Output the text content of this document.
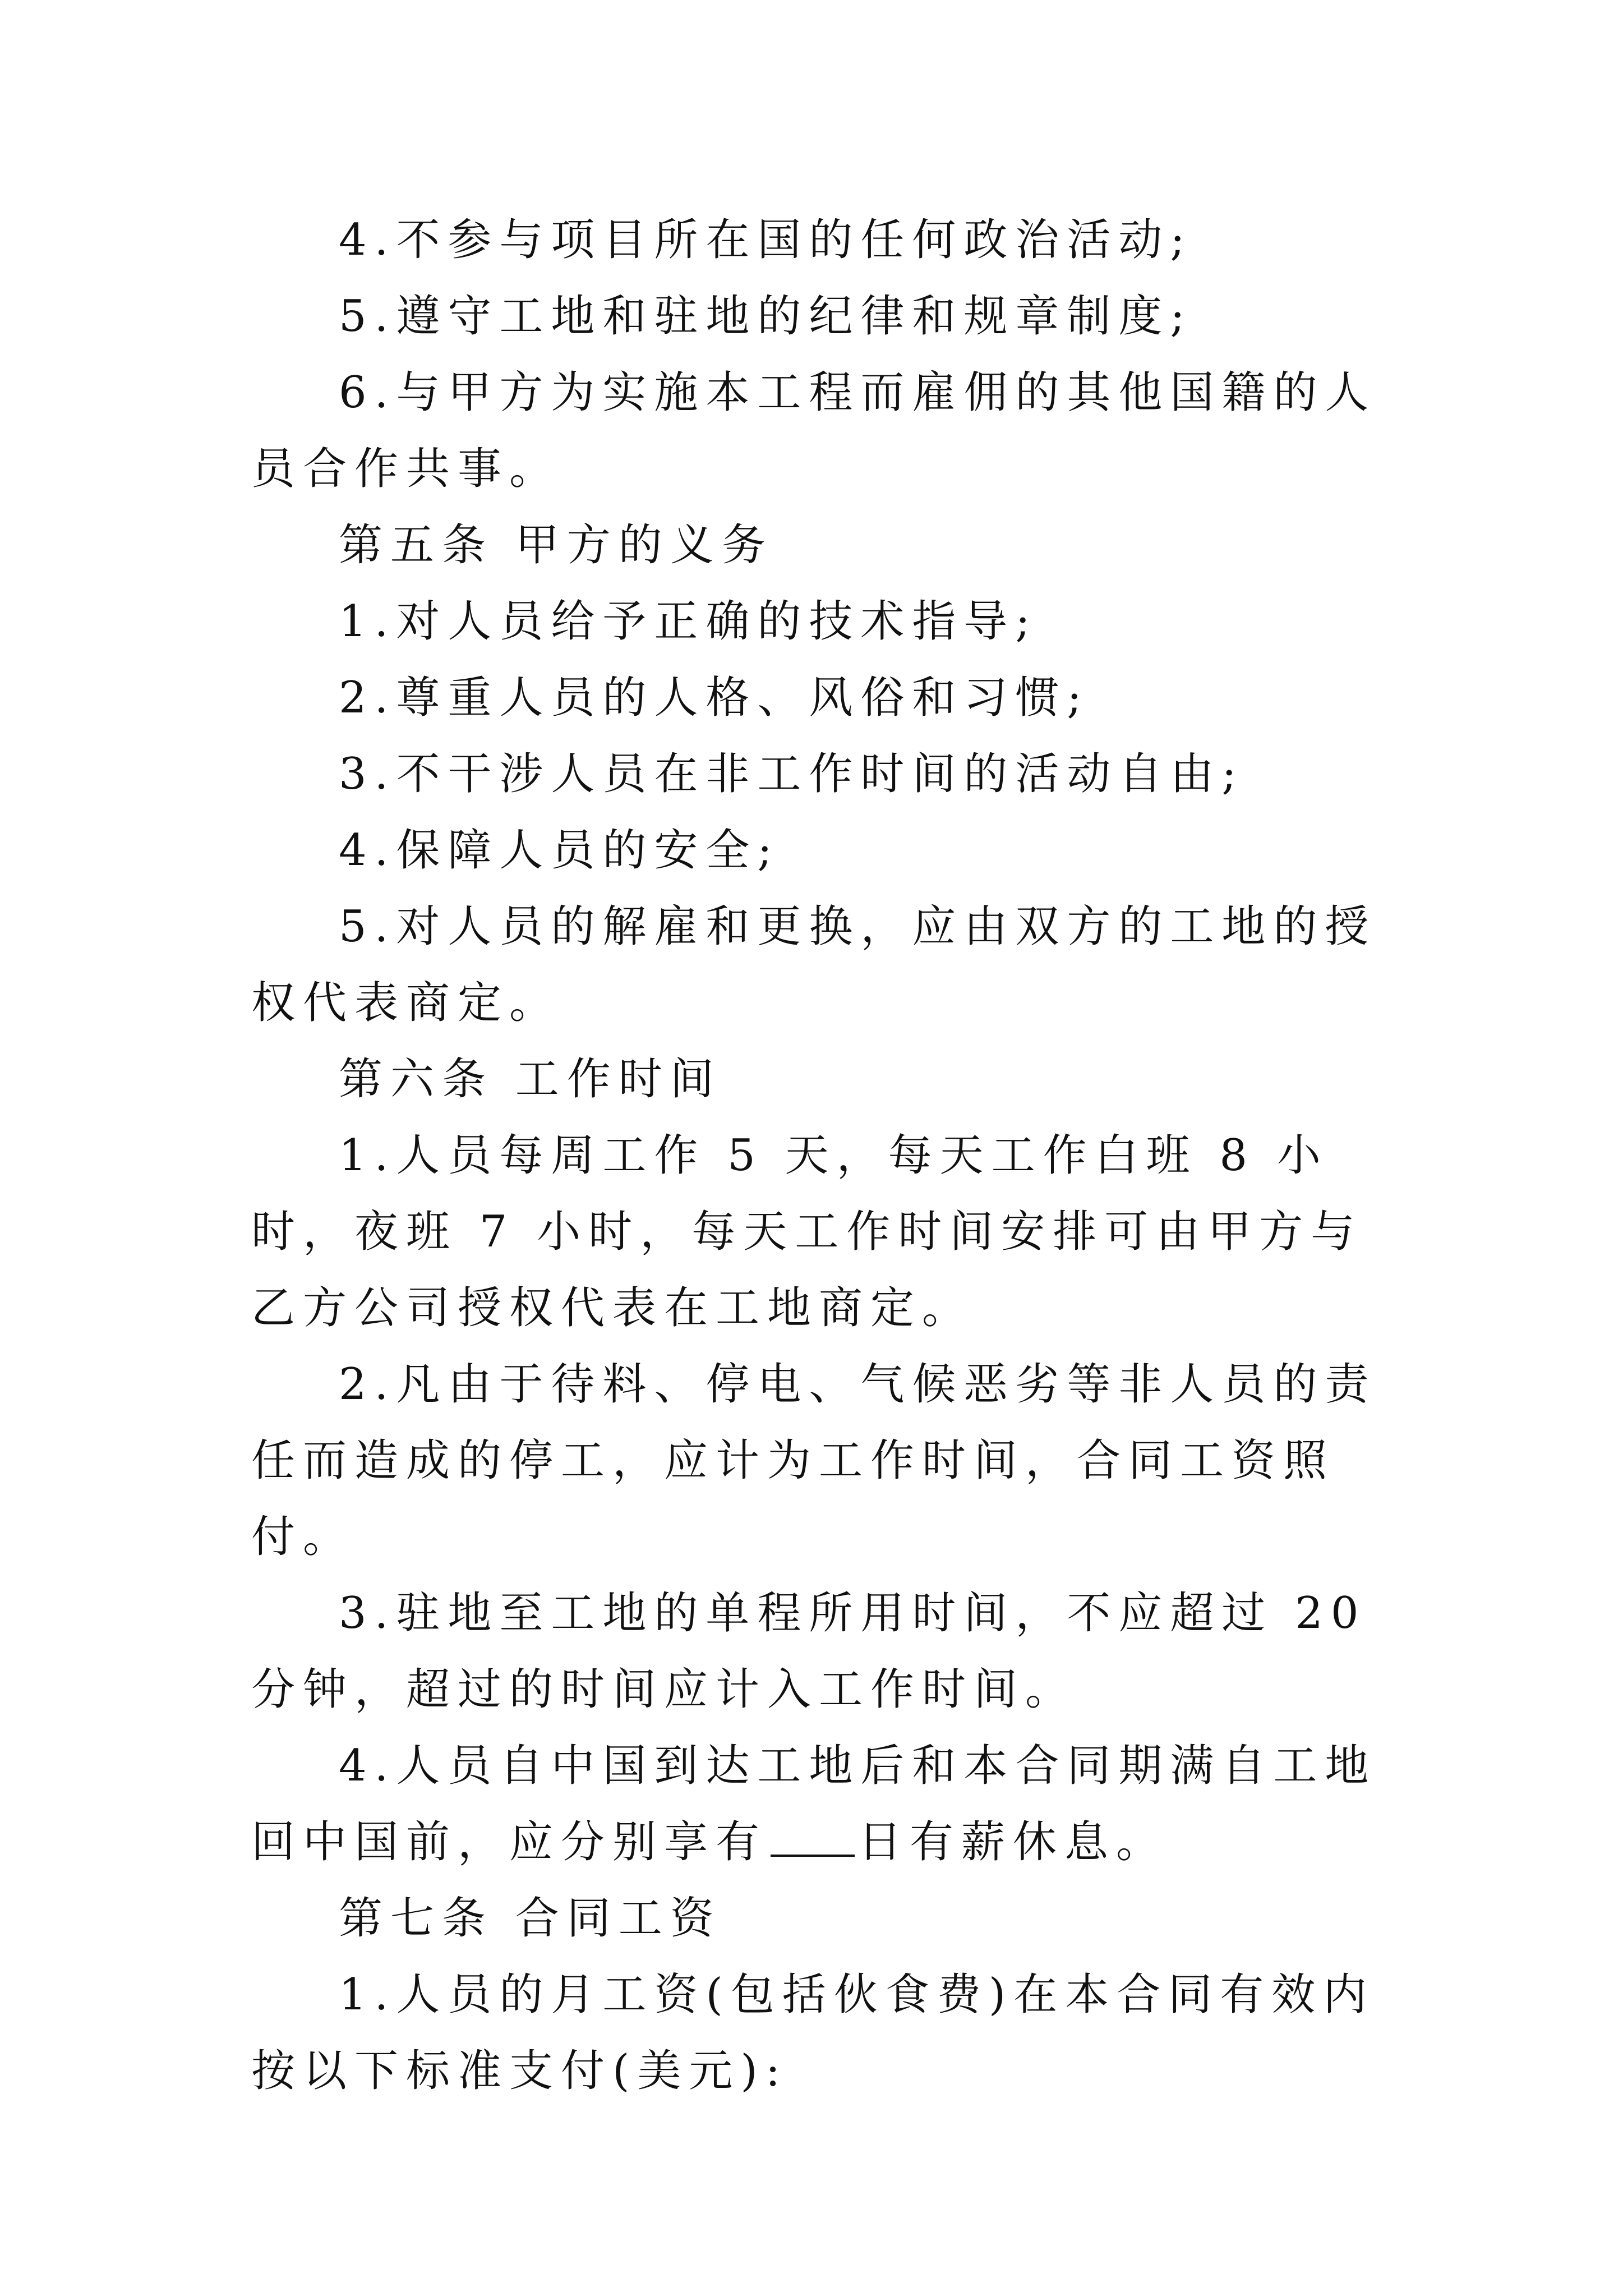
4.不参与项目所在国的任何政治活动;

5.遵守工地和驻地的纪律和规章制度;

6.与甲方为实施本工程而雇佣的其他国籍的人员合作共事。

第五条 甲方的义务

1.对人员给予正确的技术指导;

2.尊重人员的人格、风俗和习惯;

3.不干涉人员在非工作时间的活动自由;

4.保障人员的安全;

5.对人员的解雇和更换，应由双方的工地的授权代表商定。

第六条 工作时间

1.人员每周工作 5 天，每天工作白班 8 小时，夜班 7 小时，每天工作时间安排可由甲方与乙方公司授权代表在工地商定。

2.凡由于待料、停电、气候恶劣等非人员的责任而造成的停工，应计为工作时间，合同工资照付。

3.驻地至工地的单程所用时间，不应超过 20 分钟，超过的时间应计入工作时间。

4.人员自中国到达工地后和本合同期满自工地回中国前，应分别享有 日有薪休息。

第七条 合同工资

1.人员的月工资(包括伙食费)在本合同有效内按以下标准支付(美元):
